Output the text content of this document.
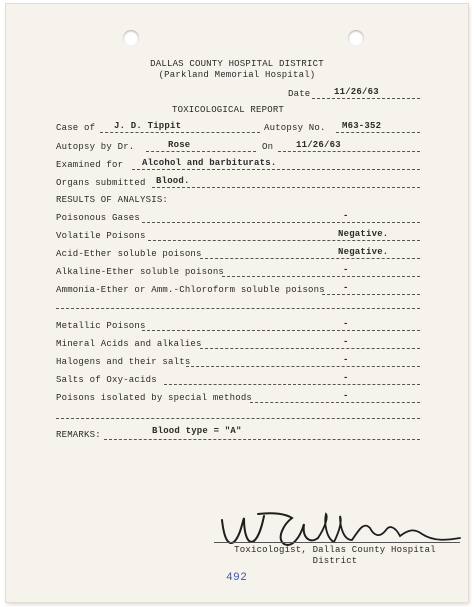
DALLAS COUNTY HOSPITAL DISTRICT
(Parkland Memorial Hospital)
Date	11/26/63
TOXICOLOGICAL REPORT
Case of J. D. Tippit	Autopsy No. M63-352
Autopsy by Dr.	Rose	On	11/26/63
Examined for Alcohol and barbiturats.
Organs submitted Blood.
RESULTS OF ANALYSIS:
Poisonous Gases	-
Volatile Poisons	Negative.
Acid-Ether soluble poisons	Negative.
Alkaline-Ether soluble poisons	-
Ammonia-Ether or Amm.-Chloroform soluble poisons -
Metallic Poisons	-
Mineral Acids and alkalies	-
Halogens and their salts	-
Salts of Oxy-acids	-
Poisons isolated by special methods	-
REMARKS:	Blood type = "A"
Toxicologist, Dallas County Hospital
District
492
